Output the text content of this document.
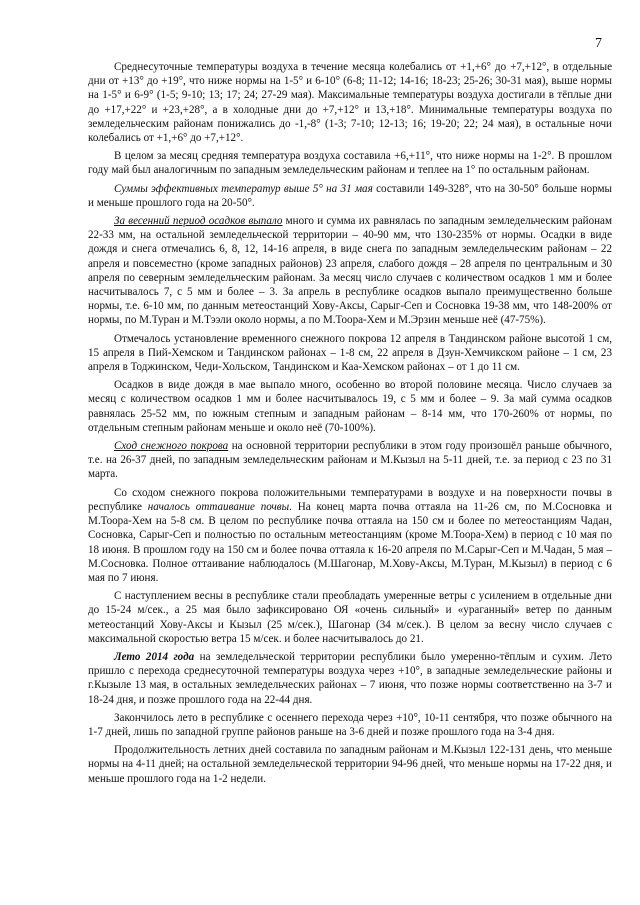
7

Среднесуточные температуры воздуха в течение месяца колебались от +1,+6° до +7,+12°, в отдельные дни от +13° до +19°, что ниже нормы на 1-5° и 6-10° (6-8; 11-12; 14-16; 18-23; 25-26; 30-31 мая), выше нормы на 1-5° и 6-9° (1-5; 9-10; 13; 17; 24; 27-29 мая). Максимальные температуры воздуха достигали в тёплые дни до +17,+22° и +23,+28°, а в холодные дни до +7,+12° и 13,+18°. Минимальные температуры воздуха по земледельческим районам понижались до -1,-8° (1-3; 7-10; 12-13; 16; 19-20; 22; 24 мая), в остальные ночи колебались от +1,+6° до +7,+12°.

В целом за месяц средняя температура воздуха составила +6,+11°, что ниже нормы на 1-2°. В прошлом году май был аналогичным по западным земледельческим районам и теплее на 1° по остальным районам.

Суммы эффективных температур выше 5° на 31 мая составили 149-328°, что на 30-50° больше нормы и меньше прошлого года на 20-50°.

За весенний период осадков выпало много и сумма их равнялась по западным земледельческим районам 22-33 мм, на остальной земледельческой территории – 40-90 мм, что 130-235% от нормы. Осадки в виде дождя и снега отмечались 6, 8, 12, 14-16 апреля, в виде снега по западным земледельческим районам – 22 апреля и повсеместно (кроме западных районов) 23 апреля, слабого дождя – 28 апреля по центральным и 30 апреля по северным земледельческим районам. За месяц число случаев с количеством осадков 1 мм и более насчитывалось 7, с 5 мм и более – 3. За апрель в республике осадков выпало преимущественно больше нормы, т.е. 6-10 мм, по данным метеостанций Хову-Аксы, Сарыг-Сеп и Сосновка 19-38 мм, что 148-200% от нормы, по М.Туран и М.Тээли около нормы, а по М.Тоора-Хем и М.Эрзин меньше неё (47-75%).

Отмечалось установление временного снежного покрова 12 апреля в Тандинском районе высотой 1 см, 15 апреля в Пий-Хемском и Тандинском районах – 1-8 см, 22 апреля в Дзун-Хемчикском районе – 1 см, 23 апреля в Тоджинском, Чеди-Хольском, Тандинском и Каа-Хемском районах – от 1 до 11 см.

Осадков в виде дождя в мае выпало много, особенно во второй половине месяца. Число случаев за месяц с количеством осадков 1 мм и более насчитывалось 19, с 5 мм и более – 9. За май сумма осадков равнялась 25-52 мм, по южным степным и западным районам – 8-14 мм, что 170-260% от нормы, по отдельным степным районам меньше и около неё (70-100%).

Сход снежного покрова на основной территории республики в этом году произошёл раньше обычного, т.е. на 26-37 дней, по западным земледельческим районам и М.Кызыл на 5-11 дней, т.е. за период с 23 по 31 марта.

Со сходом снежного покрова положительными температурами в воздухе и на поверхности почвы в республике началось оттаивание почвы. На конец марта почва оттаяла на 11-26 см, по М.Сосновка и М.Тоора-Хем на 5-8 см. В целом по республике почва оттаяла на 150 см и более по метеостанциям Чадан, Сосновка, Сарыг-Сеп и полностью по остальным метеостанциям (кроме М.Тоора-Хем) в период с 10 мая по 18 июня. В прошлом году на 150 см и более почва оттаяла к 16-20 апреля по М.Сарыг-Сеп и М.Чадан, 5 мая – М.Сосновка. Полное оттаивание наблюдалось (М.Шагонар, М.Хову-Аксы, М.Туран, М.Кызыл) в период с 6 мая по 7 июня.

С наступлением весны в республике стали преобладать умеренные ветры с усилением в отдельные дни до 15-24 м/сек., а 25 мая было зафиксировано ОЯ «очень сильный» и «ураганный» ветер по данным метеостанций Хову-Аксы и Кызыл (25 м/сек.), Шагонар (34 м/сек.). В целом за весну число случаев с максимальной скоростью ветра 15 м/сек. и более насчитывалось до 21.

Лето 2014 года на земледельческой территории республики было умеренно-тёплым и сухим. Лето пришло с перехода среднесуточной температуры воздуха через +10°, в западные земледельческие районы и г.Кызыле 13 мая, в остальных земледельческих районах – 7 июня, что позже нормы соответственно на 3-7 и 18-24 дня, и позже прошлого года на 22-44 дня.

Закончилось лето в республике с осеннего перехода через +10°, 10-11 сентября, что позже обычного на 1-7 дней, лишь по западной группе районов раньше на 3-6 дней и позже прошлого года на 3-4 дня.

Продолжительность летних дней составила по западным районам и М.Кызыл 122-131 день, что меньше нормы на 4-11 дней; на остальной земледельческой территории 94-96 дней, что меньше нормы на 17-22 дня, и меньше прошлого года на 1-2 недели.
